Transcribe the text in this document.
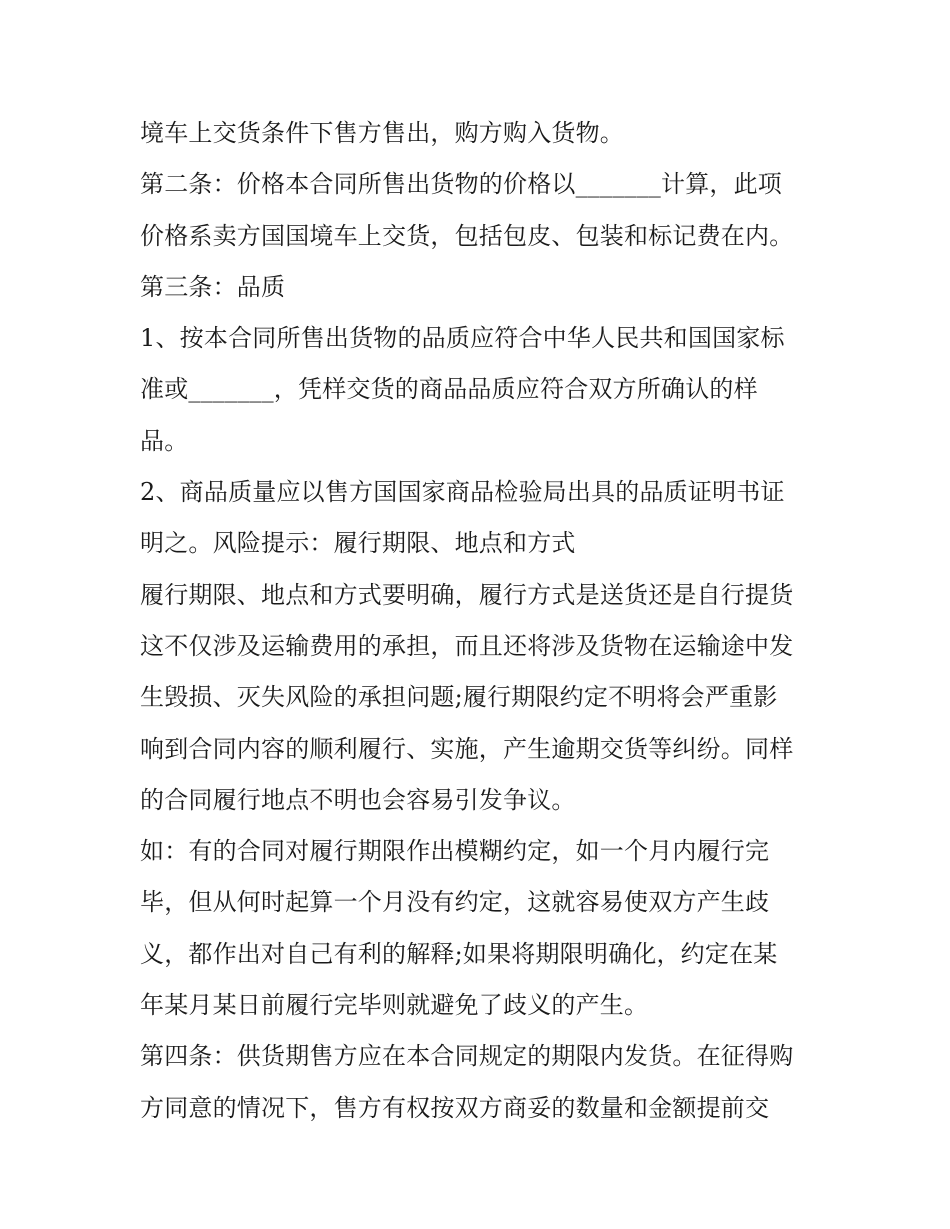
境车上交货条件下售方售出，购方购入货物。
第二条：价格本合同所售出货物的价格以_______计算，此项
价格系卖方国国境车上交货，包括包皮、包装和标记费在内。
第三条：品质
1、按本合同所售出货物的品质应符合中华人民共和国国家标
准或_______，凭样交货的商品品质应符合双方所确认的样
品。
2、商品质量应以售方国国家商品检验局出具的品质证明书证
明之。风险提示：履行期限、地点和方式
履行期限、地点和方式要明确，履行方式是送货还是自行提货
这不仅涉及运输费用的承担，而且还将涉及货物在运输途中发
生毁损、灭失风险的承担问题;履行期限约定不明将会严重影
响到合同内容的顺利履行、实施，产生逾期交货等纠纷。同样
的合同履行地点不明也会容易引发争议。
如：有的合同对履行期限作出模糊约定，如一个月内履行完
毕，但从何时起算一个月没有约定，这就容易使双方产生歧
义，都作出对自己有利的解释;如果将期限明确化，约定在某
年某月某日前履行完毕则就避免了歧义的产生。
第四条：供货期售方应在本合同规定的期限内发货。在征得购
方同意的情况下，售方有权按双方商妥的数量和金额提前交
